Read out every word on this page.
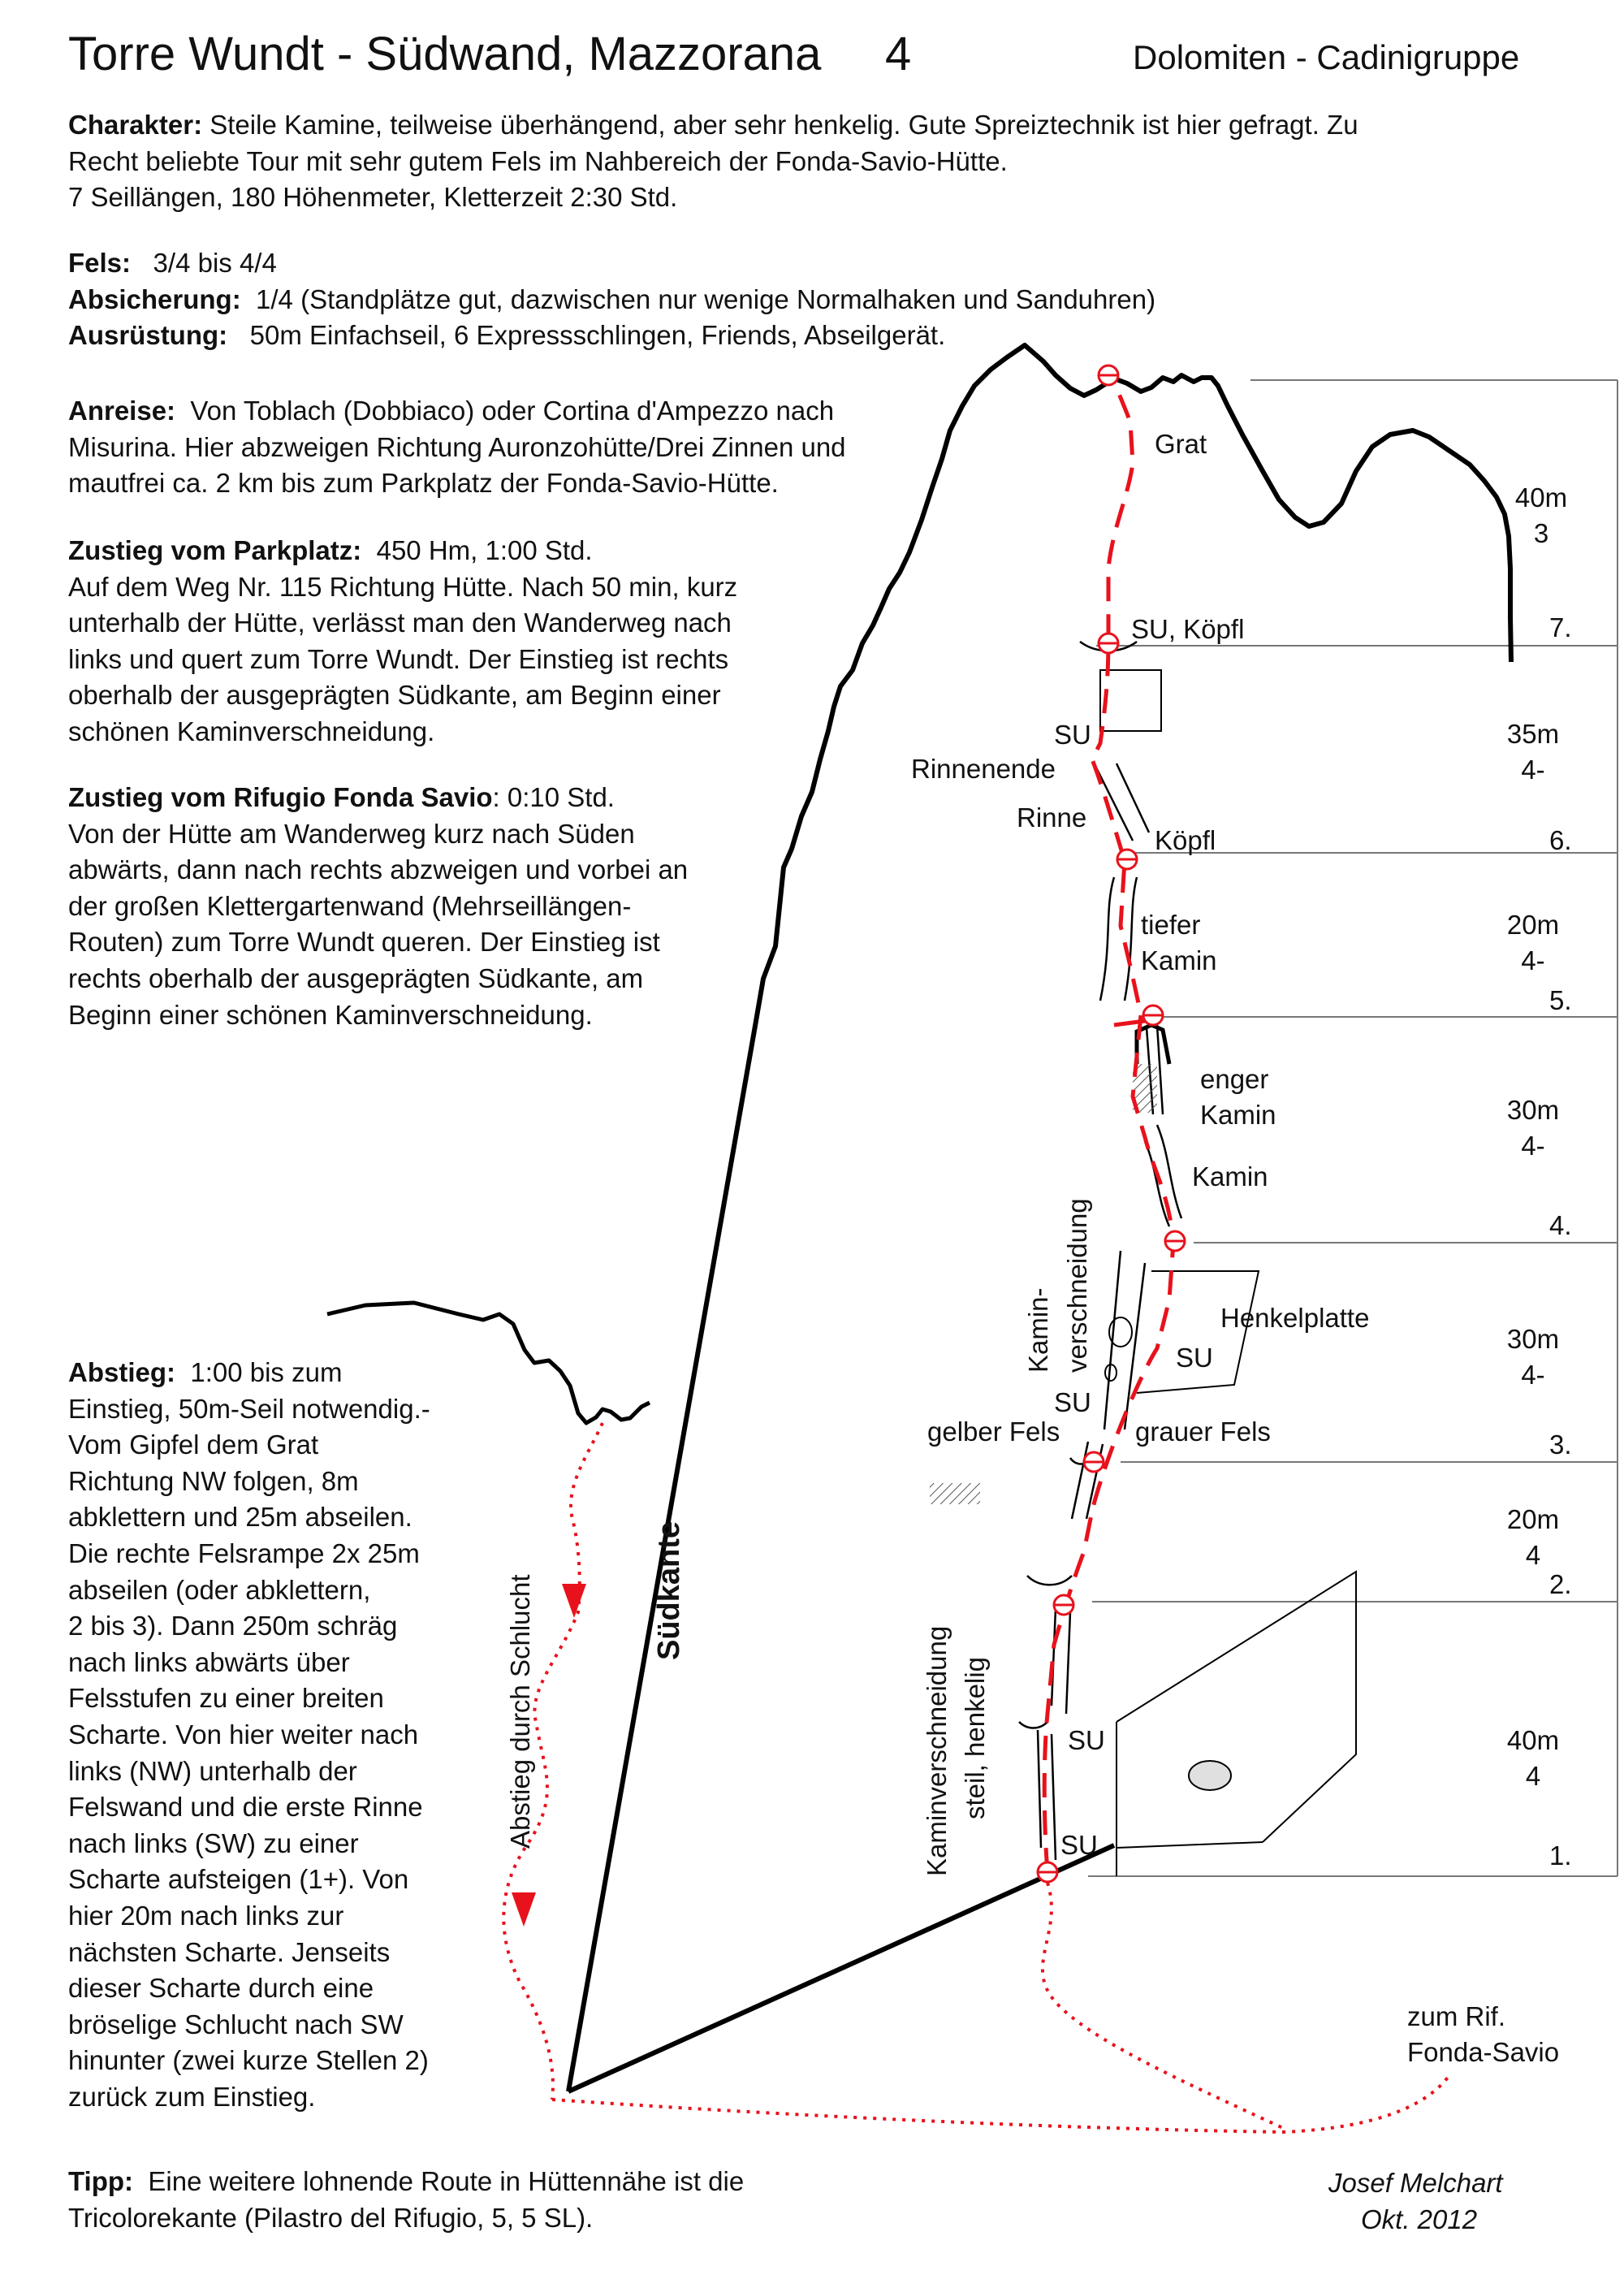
Torre Wundt - Südwand, Mazzorana 4	Dolomiten - Cadinigruppe
Charakter: Steile Kamine, teilweise überhängend, aber sehr henkelig. Gute Spreiztechnik ist hier gefragt. Zu
Recht beliebte Tour mit sehr gutem Fels im Nahbereich der Fonda-Savio-Hütte.
7 Seillängen, 180 Höhenmeter, Kletterzeit 2:30 Std.
Fels: 3/4 bis 4/4
Absicherung: 1/4 (Standplätze gut, dazwischen nur wenige Normalhaken und Sanduhren)
Ausrüstung: 50m Einfachseil, 6 Expressschlingen, Friends, Abseilgerät.
Anreise: Von Toblach (Dobbiaco) oder Cortina d'Ampezzo nach
Misurina. Hier abzweigen Richtung Auronzohütte/Drei Zinnen und
mautfrei ca. 2 km bis zum Parkplatz der Fonda-Savio-Hütte.
Zustieg vom Parkplatz: 450 Hm, 1:00 Std.
Auf dem Weg Nr. 115 Richtung Hütte. Nach 50 min, kurz
unterhalb der Hütte, verlässt man den Wanderweg nach
links und quert zum Torre Wundt. Der Einstieg ist rechts
oberhalb der ausgeprägten Südkante, am Beginn einer
schönen Kaminverschneidung.
Zustieg vom Rifugio Fonda Savio: 0:10 Std.
Von der Hütte am Wanderweg kurz nach Süden
abwärts, dann nach rechts abzweigen und vorbei an
der großen Klettergartenwand (Mehrseillängen-
Routen) zum Torre Wundt queren. Der Einstieg ist
rechts oberhalb der ausgeprägten Südkante, am
Beginn einer schönen Kaminverschneidung.
Abstieg: 1:00 bis zum
Einstieg, 50m-Seil notwendig.-
Vom Gipfel dem Grat
Richtung NW folgen, 8m
abklettern und 25m abseilen.
Die rechte Felsrampe 2x 25m
abseilen (oder abklettern,
2 bis 3). Dann 250m schräg
nach links abwärts über
Felsstufen zu einer breiten
Scharte. Von hier weiter nach
links (NW) unterhalb der
Felswand und die erste Rinne
nach links (SW) zu einer
Scharte aufsteigen (1+). Von
hier 20m nach links zur
nächsten Scharte. Jenseits
dieser Scharte durch eine
bröselige Schlucht nach SW
hinunter (zwei kurze Stellen 2)
zurück zum Einstieg.
Tipp: Eine weitere lohnende Route in Hüttennähe ist die
Tricolorekante (Pilastro del Rifugio, 5, 5 SL).
Josef Melchart
Okt. 2012
Grat
SU, Köpfl
SU
Rinnenende
Rinne
Köpfl
tiefer
Kamin
enger
Kamin
Kamin
Henkelplatte
SU
SU
gelber Fels	grauer Fels
SU
SU
zum Rif.
Fonda-Savio
Kamin- verschneidung
Kaminverschneidung steil, henkelig
Südkante
Abstieg durch Schlucht
40m
3
7.
35m
4-
6.
20m
4-
5.
30m
4-
4.
30m
4-
3.
20m
4
2.
40m
4
1.
